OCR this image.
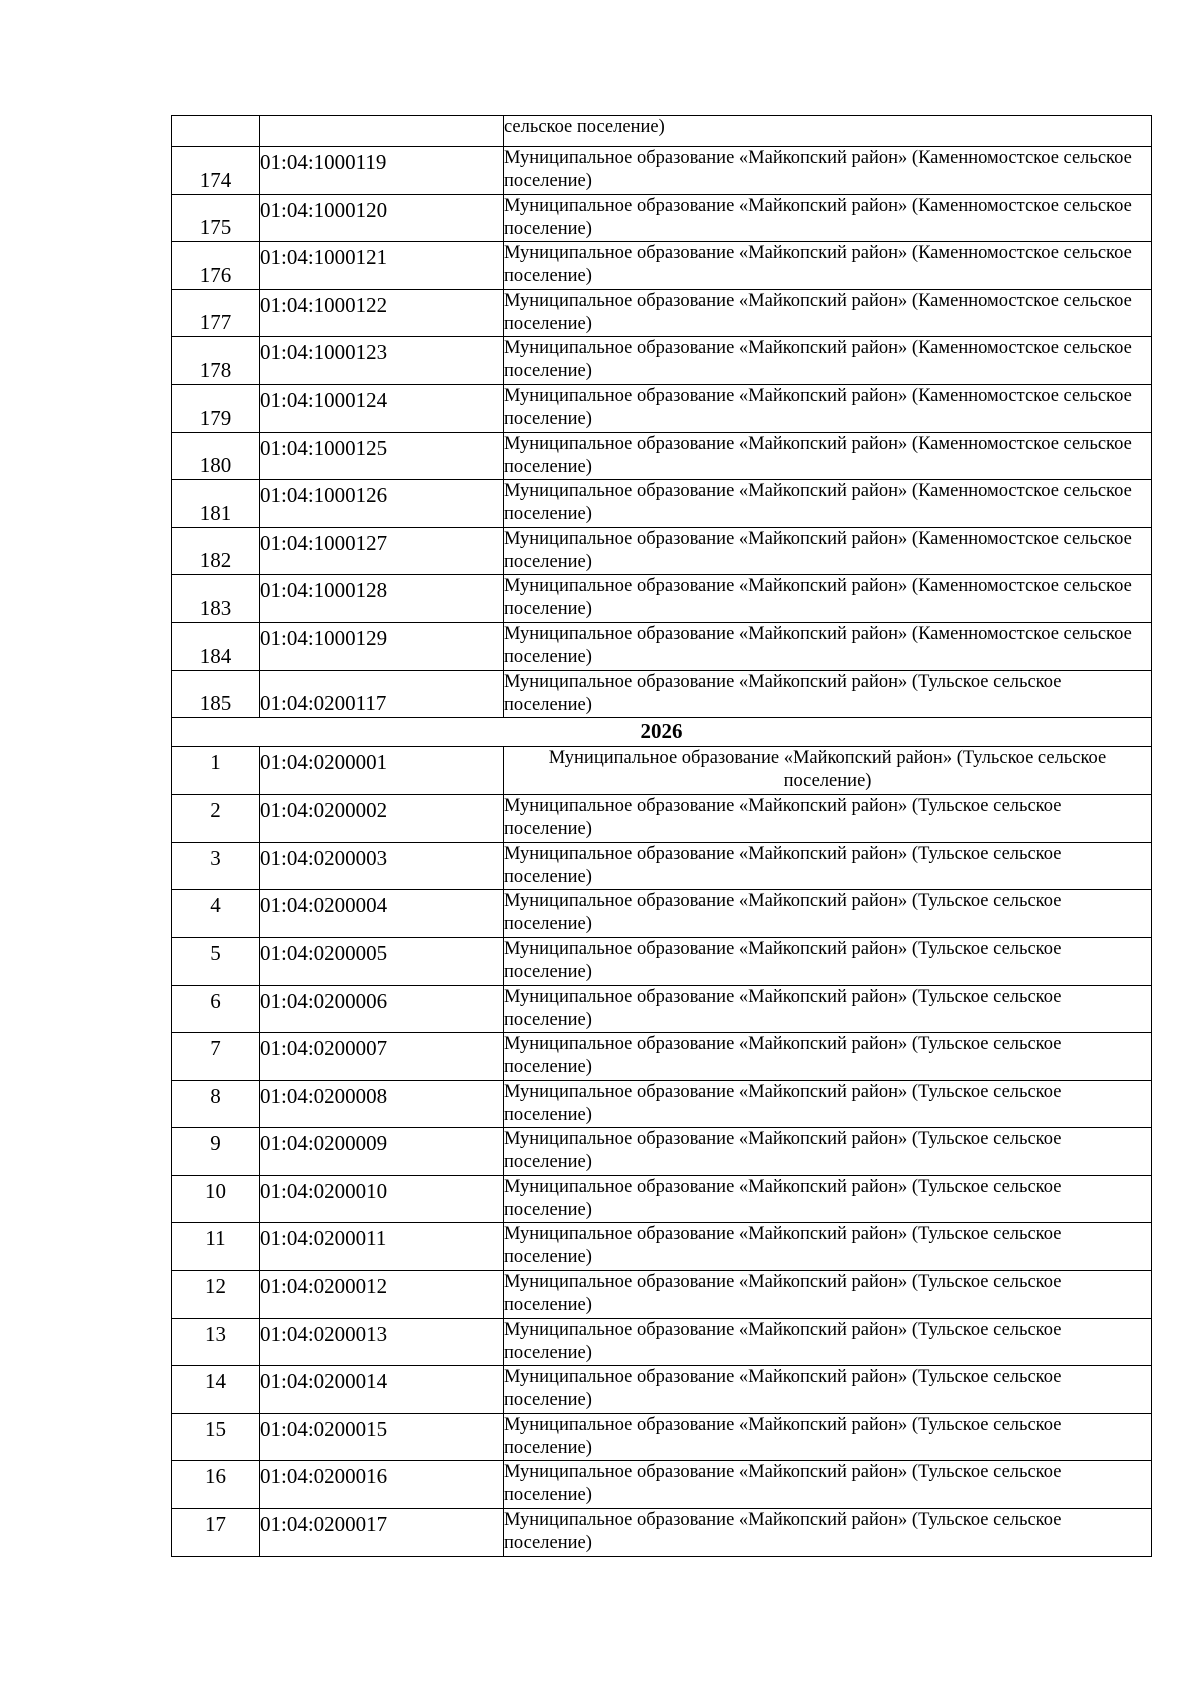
		сельское поселение)
174	01:04:1000119	Муниципальное образование «Майкопский район» (Каменномостское сельское поселение)
175	01:04:1000120	Муниципальное образование «Майкопский район» (Каменномостское сельское поселение)
176	01:04:1000121	Муниципальное образование «Майкопский район» (Каменномостское сельское поселение)
177	01:04:1000122	Муниципальное образование «Майкопский район» (Каменномостское сельское поселение)
178	01:04:1000123	Муниципальное образование «Майкопский район» (Каменномостское сельское поселение)
179	01:04:1000124	Муниципальное образование «Майкопский район» (Каменномостское сельское поселение)
180	01:04:1000125	Муниципальное образование «Майкопский район» (Каменномостское сельское поселение)
181	01:04:1000126	Муниципальное образование «Майкопский район» (Каменномостское сельское поселение)
182	01:04:1000127	Муниципальное образование «Майкопский район» (Каменномостское сельское поселение)
183	01:04:1000128	Муниципальное образование «Майкопский район» (Каменномостское сельское поселение)
184	01:04:1000129	Муниципальное образование «Майкопский район» (Каменномостское сельское поселение)
185	01:04:0200117	Муниципальное образование «Майкопский район» (Тульское сельское поселение)
2026		
1	01:04:0200001	Муниципальное образование «Майкопский район» (Тульское сельское поселение)
2	01:04:0200002	Муниципальное образование «Майкопский район» (Тульское сельское поселение)
3	01:04:0200003	Муниципальное образование «Майкопский район» (Тульское сельское поселение)
4	01:04:0200004	Муниципальное образование «Майкопский район» (Тульское сельское поселение)
5	01:04:0200005	Муниципальное образование «Майкопский район» (Тульское сельское поселение)
6	01:04:0200006	Муниципальное образование «Майкопский район» (Тульское сельское поселение)
7	01:04:0200007	Муниципальное образование «Майкопский район» (Тульское сельское поселение)
8	01:04:0200008	Муниципальное образование «Майкопский район» (Тульское сельское поселение)
9	01:04:0200009	Муниципальное образование «Майкопский район» (Тульское сельское поселение)
10	01:04:0200010	Муниципальное образование «Майкопский район» (Тульское сельское поселение)
11	01:04:0200011	Муниципальное образование «Майкопский район» (Тульское сельское поселение)
12	01:04:0200012	Муниципальное образование «Майкопский район» (Тульское сельское поселение)
13	01:04:0200013	Муниципальное образование «Майкопский район» (Тульское сельское поселение)
14	01:04:0200014	Муниципальное образование «Майкопский район» (Тульское сельское поселение)
15	01:04:0200015	Муниципальное образование «Майкопский район» (Тульское сельское поселение)
16	01:04:0200016	Муниципальное образование «Майкопский район» (Тульское сельское поселение)
17	01:04:0200017	Муниципальное образование «Майкопский район» (Тульское сельское поселение)
